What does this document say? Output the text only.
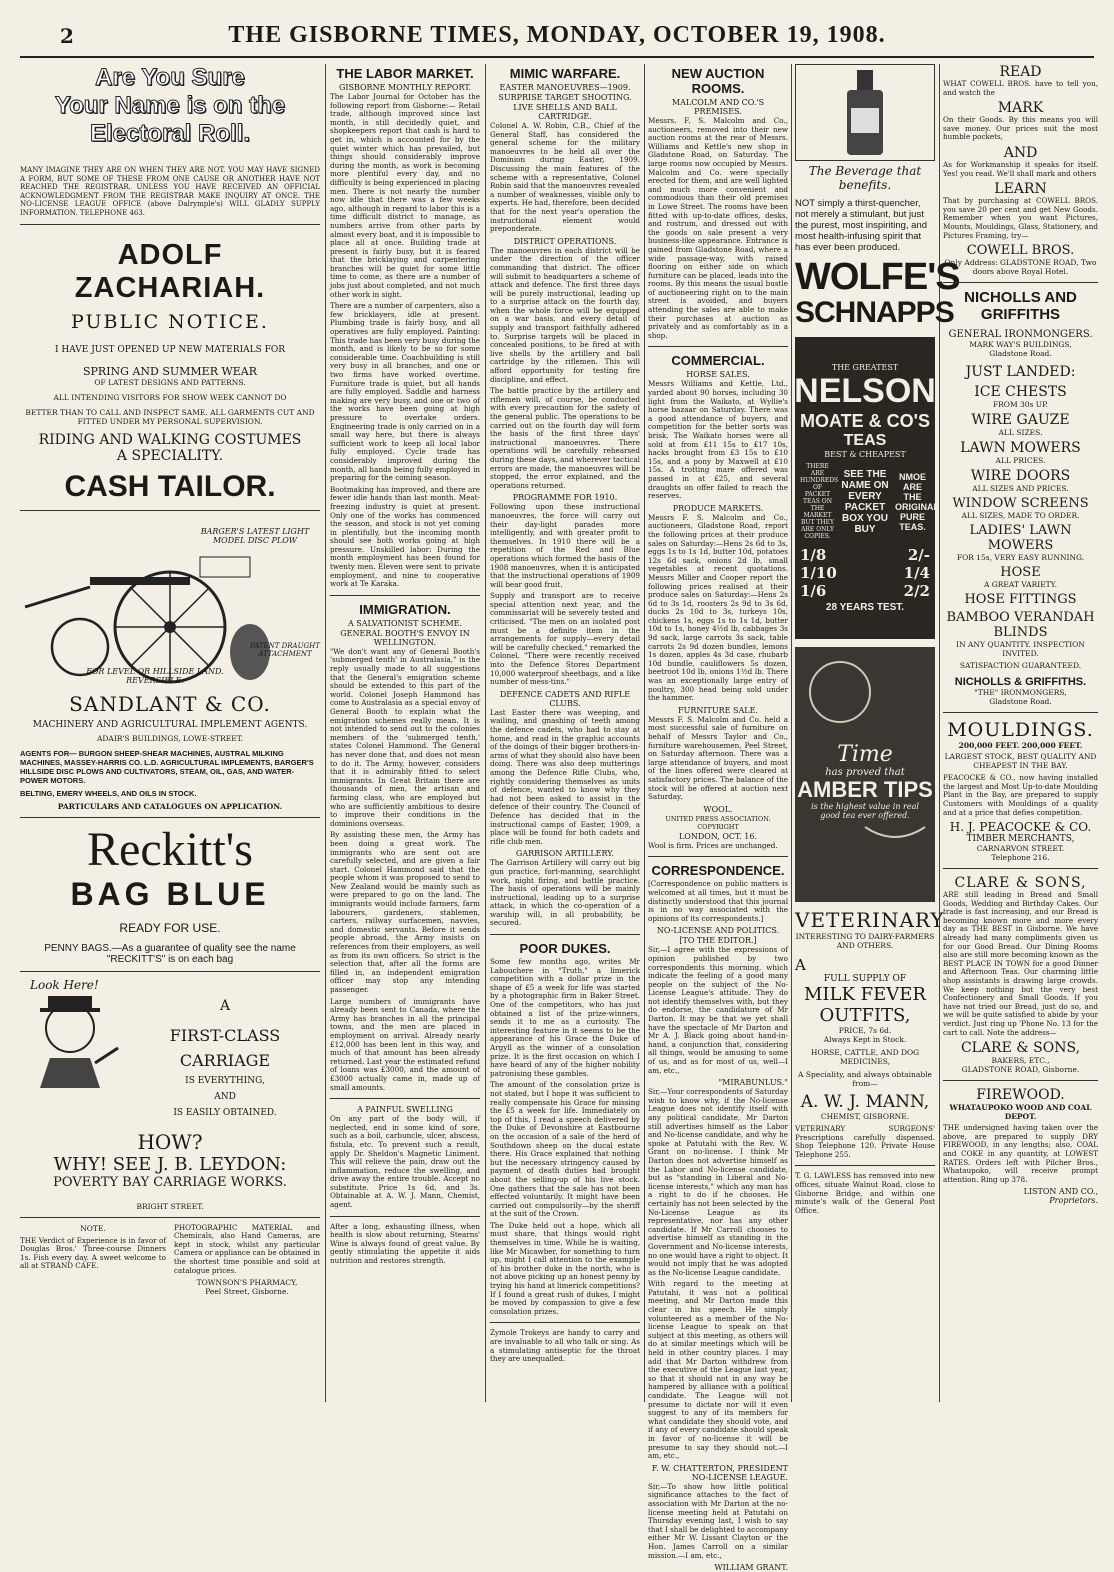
2	THE GISBORNE TIMES, MONDAY, OCTOBER 19, 1908.
Are You Sure
Your Name is on the
Electoral Roll.

MANY IMAGINE THEY ARE ON WHEN THEY ARE NOT. YOU MAY HAVE SIGNED A FORM, BUT SOME OF THESE FROM ONE CAUSE OR ANOTHER HAVE NOT REACHED THE REGISTRAR. UNLESS YOU HAVE RECEIVED AN OFFICIAL ACKNOWLEDGMENT FROM THE REGISTRAR MAKE INQUIRY AT ONCE. THE NO-LICENSE LEAGUE OFFICE (above Dalrymple's) WILL GLADLY SUPPLY INFORMATION. TELEPHONE 463.

ADOLF ZACHARIAH.
PUBLIC NOTICE.
I HAVE JUST OPENED UP NEW MATERIALS FOR
SPRING AND SUMMER WEAR
OF LATEST DESIGNS AND PATTERNS.
ALL INTENDING VISITORS FOR SHOW WEEK CANNOT DO
BETTER THAN TO CALL AND INSPECT SAME. ALL GARMENTS CUT AND FITTED UNDER MY PERSONAL SUPERVISION.
RIDING AND WALKING COSTUMES
A SPECIALITY.
CASH TAILOR.
BARGER'S LATEST LIGHT MODEL DISC PLOW
FOR LEVEL OR HILLSIDE LAND. REVERSIBLE.
PATENT DRAUGHT ATTACHMENT
SANDLANT & CO.
MACHINERY AND AGRICULTURAL IMPLEMENT AGENTS.
ADAIR'S BUILDINGS, LOWE-STREET.
AGENTS FOR— BURGON SHEEP-SHEAR MACHINES, AUSTRAL MILKING MACHINES, MASSEY-HARRIS CO. L.D. AGRICULTURAL IMPLEMENTS, BARGER'S HILLSIDE DISC PLOWS AND CULTIVATORS, STEAM, OIL, GAS, AND WATER-POWER MOTORS.
BELTING, EMERY WHEELS, AND OILS IN STOCK.
PARTICULARS AND CATALOGUES ON APPLICATION.
Reckitt's
BAG BLUE
READY FOR USE.
PENNY BAGS.—As a guarantee of quality see the name "RECKITT'S" is on each bag
Look Here!
A
FIRST-CLASS
CARRIAGE
IS EVERYTHING,
AND
IS EASILY OBTAINED.
HOW?
WHY! SEE J. B. LEYDON:
POVERTY BAY CARRIAGE WORKS.
BRIGHT STREET.
NOTE.

THE Verdict of Experience is in favor of Douglas Bros.' Three-course Dinners 1s. Fish every day. A sweet welcome to all at STRAND CAFE.

PHOTOGRAPHIC MATERIAL and Chemicals, also Hand Cameras, are kept in stock, whilst any particular Camera or appliance can be obtained in the shortest time possible and sold at catalogue prices.

TOWNSON'S PHARMACY,
Peel Street, Gisborne.
THE LABOR MARKET.
GISBORNE MONTHLY REPORT.

The Labor Journal for October has the following report from Gisborne:— Retail trade, although improved since last month, is still decidedly quiet, and shopkeepers report that cash is hard to get in, which is accounted for by the quiet winter which has prevailed, but things should considerably improve during the month, as work is becoming more plentiful every day, and no difficulty is being experienced in placing men. There is not nearly the number now idle that there was a few weeks ago, although in regard to labor this is a time difficult district to manage, as numbers arrive from other parts by almost every boat, and it is impossible to place all at once. Building trade at present is fairly busy, but it is feared that the bricklaying and carpentering branches will be quiet for some little time to come, as there are a number of jobs just about completed, and not much other work in sight.

There are a number of carpenters, also a few bricklayers, idle at present. Plumbing trade is fairly busy, and all operatives are fully employed. Painting: This trade has been very busy during the month, and is likely to be so for some considerable time. Coachbuilding is still very busy in all branches, and one or two firms have worked overtime. Furniture trade is quiet, but all hands are fully employed. Saddle and harness making are very busy, and one or two of the works have been going at high pressure to overtake orders. Engineering trade is only carried on in a small way here, but there is always sufficient work to keep all local labor fully employed. Cycle trade has considerably improved during the month, all hands being fully employed in preparing for the coming season.

Bootmaking has improved, and there are fewer idle hands than last month. Meat-freezing industry is quiet at present. Only one of the works has commenced the season, and stock is not yet coming in plentifully, but the incoming month should see both works going at high pressure. Unskilled labor: During the month employment has been found for twenty men. Eleven were sent to private employment, and nine to cooperative work at Te Karaka.

IMMIGRATION.
A SALVATIONIST SCHEME.
GENERAL BOOTH'S ENVOY IN WELLINGTON.

"We don't want any of General Booth's 'submerged tenth' in Australasia," is the reply usually made to all suggestions that the General's emigration scheme should be extended to this part of the world. Colonel Joseph Hammond has come to Australasia as a special envoy of General Booth to explain what the emigration schemes really mean. It is not intended to send out to the colonies members of the 'submerged tenth,' states Colonel Hammond. The General has never done that, and does not mean to do it. The Army, however, considers that it is admirably fitted to select immigrants. In Great Britain there are thousands of men, the artisan and farming class, who are employed but who are sufficiently ambitious to desire to improve their conditions in the dominions overseas.

By assisting these men, the Army has been doing a great work. The immigrants who are sent out are carefully selected, and are given a fair start. Colonel Hammond said that the people whom it was proposed to send to New Zealand would be mainly such as were prepared to go on the land. The immigrants would include farmers, farm labourers, gardeners, stablemen, carters, railway surfacemen, navvies, and domestic servants. Before it sends people abroad, the Army insists on references from their employers, as well as from its own officers. So strict is the selection that, after all the forms are filled in, an independent emigration officer may stop any intending passenger.

Large numbers of immigrants have already been sent to Canada, where the Army has branches in all the principal towns, and the men are placed in employment on arrival. Already nearly £12,000 has been lent in this way, and much of that amount has been already returned. Last year the estimated refund of loans was £3000, and the amount of £3000 actually came in, made up of small amounts.

A PAINFUL SWELLING

On any part of the body will, if neglected, end in some kind of sore, such as a boil, carbuncle, ulcer, abscess, fistula, etc. To prevent such a result, apply Dr. Sheldon's Magnetic Liniment. This will relieve the pain, draw out the inflammation, reduce the swelling, and drive away the entire trouble. Accept no substitute. Price 1s 6d, and 3s. Obtainable at A. W. J. Mann, Chemist, agent.

After a long, exhausting illness, when health is slow about returning, Stearns' Wine is always found of great value. By gently stimulating the appetite it aids nutrition and restores strength.

MIMIC WARFARE.
EASTER MANOEUVRES—1909.
SURPRISE TARGET SHOOTING.
LIVE SHELLS AND BALL CARTRIDGE.

Colonel A. W. Robin, C.B., Chief of the General Staff, has considered the general scheme for the military manoeuvres to be held all over the Dominion during Easter, 1909. Discussing the main features of the scheme with a representative, Colonel Robin said that the manoeuvres revealed a number of weaknesses, visible only to experts. He had, therefore, been decided that for the next year's operation the instructional element would preponderate.

DISTRICT OPERATIONS.

The manoeuvres in each district will be under the direction of the officer commanding that district. The officer will submit to headquarters a scheme of attack and defence. The first three days will be purely instructional, leading up to a surprise attack on the fourth day, when the whole force will be equipped on a war basis, and every detail of supply and transport faithfully adhered to. Surprise targets will be placed in concealed positions, to be fired at with live shells by the artillery and ball cartridge by the riflemen. This will afford opportunity for testing fire discipline, and effect.

The battle practice by the artillery and riflemen will, of course, be conducted with every precaution for the safety of the general public. The operations to be carried out on the fourth day will form the basis of the first three days' instructional manoeuvres. There operations will be carefully rehearsed during these days, and wherever tactical errors are made, the manoeuvres will be stopped, the error explained, and the operations returned.

PROGRAMME FOR 1910.

Following upon these instructional manoeuvres, the force will carry out their day-light parades more intelligently, and with greater profit to themselves. In 1910 there will be a repetition of the Red and Blue operations which formed the basis of the 1908 manoeuvres, when it is anticipated that the instructional operations of 1909 will bear good fruit.

Supply and transport are to receive special attention next year, and the commissariat will be severely tested and criticised. "The men on an isolated post must be a definite item in the arrangements for supply—every detail will be carefully checked," remarked the Colonel. "There were recently received into the Defence Stores Department 10,000 waterproof sheetbags, and a like number of mess-tins."

DEFENCE CADETS AND RIFLE CLUBS.

Last Easter there was weeping, and wailing, and gnashing of teeth among the defence cadets, who had to stay at home, and read in the graphic accounts of the doings of their bigger brothers-in-arms of what they should also have been doing. There was also deep mutterings among the Defence Rifle Clubs, who, rightly considering themselves as units of defence, wanted to know why they had not been asked to assist in the defence of their country. The Council of Defence has decided that in the instructional camps of Easter, 1909, a place will be found for both cadets and rifle club men.

GARRISON ARTILLERY.

The Garrison Artillery will carry out big gun practice, fort-manning, searchlight work, night firing, and battle practice. The basis of operations will be mainly instructional, leading up to a surprise attack, in which the co-operation of a warship will, in all probability, be secured.

POOR DUKES.

Some few months ago, writes Mr Labouchere in "Truth," a limerick competition with a dollar prize in the shape of £5 a week for life was started by a photographic firm in Baker Street. One of the competitors, who has just obtained a list of the prize-winners, sends it to me as a curiosity. The interesting feature in it seems to be the appearance of his Grace the Duke of Argyll as the winner of a consolation prize. It is the first occasion on which I have heard of any of the higher nobility patronising these gambles.

The amount of the consolation prize is not stated, but I hope it was sufficient to really compensate his Grace for missing the £5 a week for life. Immediately on top of this, I read a speech delivered by the Duke of Devonshire at Eastbourne on the occasion of a sale of the herd of Southdown sheep on the ducal estate there. His Grace explained that nothing but the necessary stringency caused by payment of death duties had brought about the selling-up of his live stock. One gathers that the sale has not been effected voluntarily. It might have been carried out compulsorily—by the sheriff at the suit of the Crown.

The Duke held out a hope, which all must share, that things would right themselves in time. While he is waiting, like Mr Micawber, for something to turn up, might I call attention to the example of his brother duke in the north, who is not above picking up an honest penny by trying his hand at limerick competitions? If I found a great rush of dukes, I might be moved by compassion to give a few consolation prizes.

Zymole Trokeys are handy to carry and are invaluable to all who talk or sing. As a stimulating antiseptic for the throat they are unequalled.

NEW AUCTION ROOMS.
MALCOLM AND CO.'S PREMISES.

Messrs. F. S. Malcolm and Co., auctioneers, removed into their new auction rooms at the rear of Messrs. Williams and Kettle's new shop in Gladstone Road, on Saturday. The large rooms now occupied by Messrs. Malcolm and Co. were specially erected for them, and are well lighted and much more convenient and commodious than their old premises in Lowe Street. The rooms have been fitted with up-to-date offices, desks, and rostrum, and dressed out with the goods on sale present a very business-like appearance. Entrance is gained from Gladstone Road, where a wide passage-way, with raised flooring on either side on which furniture can be placed, leads into the rooms. By this means the usual bustle of auctioneering right on to the main street is avoided, and buyers attending the sales are able to make their purchases at auction as privately and as comfortably as in a shop.

COMMERCIAL.
HORSE SALES.

Messrs Williams and Kettle, Ltd., yarded about 90 horses, including 30 light from the Waikato, at Wyllie's horse bazaar on Saturday. There was a good attendance of buyers, and competition for the better sorts was brisk. The Waikato horses were all sold at from £11 15s to £17 10s, hacks brought from £3 15s to £10 15s, and a pony by Maxwell at £10 15s. A trotting mare offered was passed in at £25, and several draughts on offer failed to reach the reserves.

PRODUCE MARKETS.

Messrs F. S. Malcolm and Co., auctioneers, Gladstone Road, report the following prices at their produce sales on Saturday:—Hens 2s 6d to 3s, eggs 1s to 1s 1d, butter 10d, potatoes 12s 6d sack, onions 2d lb, small vegetables at recent quotations. Messrs Miller and Cooper report the following prices realised at their produce sales on Saturday:—Hens 2s 6d to 3s 1d, roosters 2s 9d to 3s 6d, ducks 2s 10d to 3s, turkeys 10s, chickens 1s, eggs 1s to 1s 1d, butter 10d to 1s, honey 4½d lb, cabbages 3s 9d sack, large carrots 3s sack, table carrots 2s 9d dozen bundles, lemons 1s dozen, apples 4s 3d case, rhubarb 10d bundle, cauliflowers 5s dozen, beetroot 10d lb, onions 1½d lb. There was an exceptionally large entry of poultry, 300 head being sold under the hammer.

FURNITURE SALE.

Messrs F. S. Malcolm and Co. held a most successful sale of furniture on behalf of Messrs Taylor and Co., furniture warehousemen, Peel Street, on Saturday afternoon. There was a large attendance of buyers, and most of the lines offered were cleared at satisfactory prices. The balance of the stock will be offered at auction next Saturday.

WOOL.
UNITED PRESS ASSOCIATION. COPYRIGHT
LONDON, OCT. 16.

Wool is firm. Prices are unchanged.

CORRESPONDENCE.

[Correspondence on public matters is welcomed at all times, but it must be distinctly understood that this journal is in no way associated with the opinions of its correspondents.]

NO-LICENSE AND POLITICS.
[TO THE EDITOR.]

Sir,—I agree with the expressions of opinion published by two correspondents this morning, which indicate the feeling of a good many people on the subject of the No-License League's attitude. They do not identify themselves with, but they do endorse, the candidature of Mr Darton. It may be that we yet shall have the spectacle of Mr Darton and Mr A. J. Black going about hand-in-hand, a conjunction that, considering all things, would be amusing to some of us, and as for most of us, well—I am, etc.,

"MIRABUNLUS."

Sir,—Your correspondents of Saturday wish to know why, if the No-license League does not identify itself with any political candidate, Mr Darton still advertises himself as the Labor and No-license candidate, and why he spoke at Patutahi with the Rev. W. Grant on no-license. I think Mr Darton does not advertise himself as the Labor and No-license candidate, but as "standing in Liberal and No-license interests," which any man has a right to do if he chooses. He certainly has not been selected by the No-License League as its representative, nor has any other candidate. If Mr Carroll chooses to advertise himself as standing in the Government and No-license interests, no one would have a right to object. It would not imply that he was adopted as the No-license League candidate.

With regard to the meeting at Patutahi, it was not a political meeting, and Mr Darton made this clear in his speech. He simply volunteered as a member of the No-license League to speak on that subject at this meeting, as others will do at similar meetings which will be held in other country places. I may add that Mr Darton withdrew from the executive of the League last year, so that it should not in any way be hampered by alliance with a political candidate. The League will not presume to dictate nor will it even suggest to any of its members for what candidate they should vote, and if any of every candidate should speak in favor of no-license it will be presume to say they should not.—I am, etc.,

F. W. CHATTERTON, PRESIDENT NO-LICENSE LEAGUE.

Sir,—To show how little political significance attaches to the fact of association with Mr Darton at the no-license meeting held at Patutahi on Thursday evening last, I wish to say that I shall be delighted to accompany either Mr W. Lissant Clayton or the Hon. James Carroll on a similar mission.—I am, etc.,

WILLIAM GRANT.
The Beverage that benefits.
NOT simply a thirst-quencher, not merely a stimulant, but just the purest, most inspiriting, and most health-infusing spirit that has ever been produced.
WOLFE'S
SCHNAPPS
THE GREATEST
NELSON
MOATE & CO'S
TEAS
BEST & CHEAPEST
THERE ARE HUNDREDS OF PACKET TEAS ON THE MARKET BUT THEY ARE ONLY COPIES.
SEE THE NAME ON EVERY PACKET BOX YOU BUY
NMOE ARE THE ORIGINAL PURE TEAS.
1/8	2/-
1/10	1/4
1/6	2/2
28 YEARS TEST.
Time
has proved that
AMBER TIPS
is the highest value in real good tea ever offered.
VETERINARY
INTERESTING TO DAIRY-FARMERS AND OTHERS.
A
FULL SUPPLY OF
MILK FEVER
OUTFITS,
PRICE, 7s 6d.
Always Kept in Stock.
HORSE, CATTLE, AND DOG MEDICINES,
A Speciality, and always obtainable from—
A. W. J. MANN,
CHEMIST, GISBORNE.

VETERINARY SURGEONS' Prescriptions carefully dispensed. Shop Telephone 120. Private House Telephone 255.

T. G. LAWLESS has removed into new offices, situate Walnut Road, close to Gisborne Bridge, and within one minute's walk of the General Post Office.

READ

WHAT COWELL BROS. have to tell you, and watch the

MARK

On their Goods. By this means you will save money. Our prices suit the most humble pockets,

AND

As for Workmanship it speaks for itself. Yes! you read. We'll shall mark and others

LEARN

That by purchasing at COWELL BROS. you save 20 per cent and get New Goods. Remember when you want Pictures, Mounts, Mouldings, Glass, Stationery, and Pictures Framing, try—

COWELL BROS.
Only Address: GLADSTONE ROAD, Two doors above Royal Hotel.
NICHOLLS AND GRIFFITHS
GENERAL IRONMONGERS.
MARK WAY'S BUILDINGS,
Gladstone Road.
JUST LANDED:
ICE CHESTS
FROM 30s UP.
WIRE GAUZE
ALL SIZES.
LAWN MOWERS
ALL PRICES.
WIRE DOORS
ALL SIZES AND PRICES.
WINDOW SCREENS
ALL SIZES, MADE TO ORDER.
LADIES' LAWN MOWERS
FOR 15s, VERY EASY RUNNING.
HOSE
A GREAT VARIETY.
HOSE FITTINGS
BAMBOO VERANDAH BLINDS
IN ANY QUANTITY. INSPECTION INVITED.
SATISFACTION GUARANTEED.
NICHOLLS & GRIFFITHS.
"THE" IRONMONGERS,
Gladstone Road.
MOULDINGS.
200,000 FEET. 200,000 FEET.
LARGEST STOCK, BEST QUALITY AND CHEAPEST IN THE BAY.

PEACOCKE & CO., now having installed the largest and Most Up-to-date Moulding Plant in the Bay, are prepared to supply Customers with Mouldings of a quality and at a price that defies competition.

H. J. PEACOCKE & CO.
TIMBER MERCHANTS,
CARNARVON STREET.
Telephone 216.
CLARE & SONS,

ARE still leading in Bread and Small Goods, Wedding and Birthday Cakes. Our trade is fast increasing, and our Bread is becoming known more and more every day as THE BEST in Gisborne. We have already had many compliments given us for our Good Bread. Our Dining Rooms also are still more becoming known as the BEST PLACE IN TOWN for a good Dinner and Afternoon Teas. Our charming little shop assistants is drawing large crowds. We keep nothing but the very best Confectionery and Small Goods. If you have not tried our Bread, just do so, and we will be quite satisfied to abide by your verdict. Just ring up 'Phone No. 13 for the cart to call. Note the address—

CLARE & SONS,
BAKERS, ETC.,
GLADSTONE ROAD, Gisborne.
FIREWOOD.
WHATAUPOKO WOOD AND COAL DEPOT.

THE undersigned having taken over the above, are prepared to supply DRY FIREWOOD, in any lengths; also, COAL and COKE in any quantity, at LOWEST RATES. Orders left with Pilcher Bros., Whataupoko, will receive prompt attention. Ring up 378.

LISTON AND CO.,
Proprietors.
